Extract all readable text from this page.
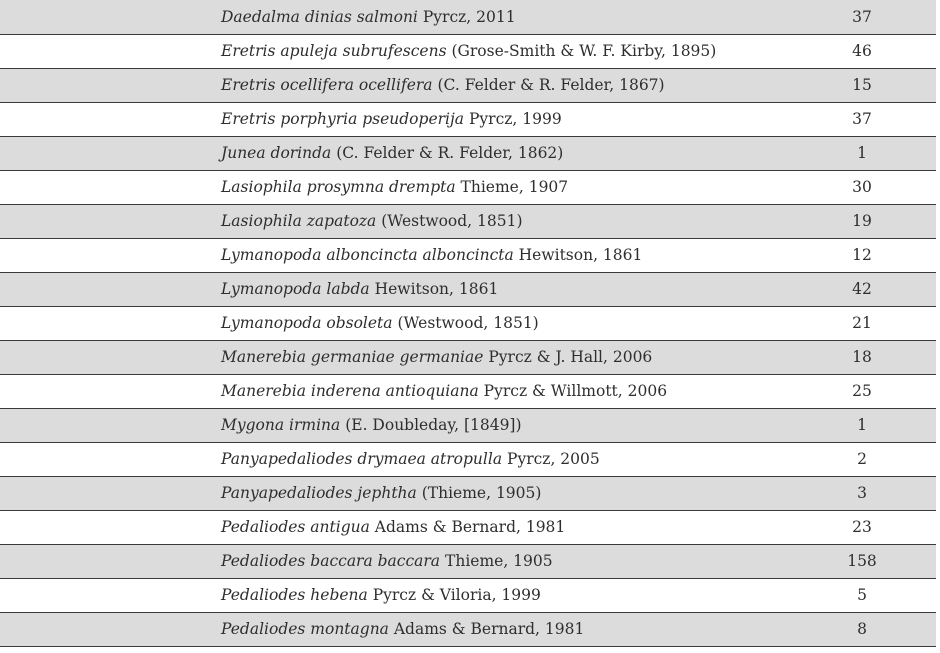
Daedalma dinias salmoni Pyrcz, 2011	37
Eretris apuleja subrufescens (Grose-Smith & W. F. Kirby, 1895)	46
Eretris ocellifera ocellifera (C. Felder & R. Felder, 1867)	15
Eretris porphyria pseudoperija Pyrcz, 1999	37
Junea dorinda (C. Felder & R. Felder, 1862)	1
Lasiophila prosymna drempta Thieme, 1907	30
Lasiophila zapatoza (Westwood, 1851)	19
Lymanopoda alboncincta alboncincta Hewitson, 1861	12
Lymanopoda labda Hewitson, 1861	42
Lymanopoda obsoleta (Westwood, 1851)	21
Manerebia germaniae germaniae Pyrcz & J. Hall, 2006	18
Manerebia inderena antioquiana Pyrcz & Willmott, 2006	25
Mygona irmina (E. Doubleday, [1849])	1
Panyapedaliodes drymaea atropulla Pyrcz, 2005	2
Panyapedaliodes jephtha (Thieme, 1905)	3
Pedaliodes antigua Adams & Bernard, 1981	23
Pedaliodes baccara baccara Thieme, 1905	158
Pedaliodes hebena Pyrcz & Viloria, 1999	5
Pedaliodes montagna Adams & Bernard, 1981	8
